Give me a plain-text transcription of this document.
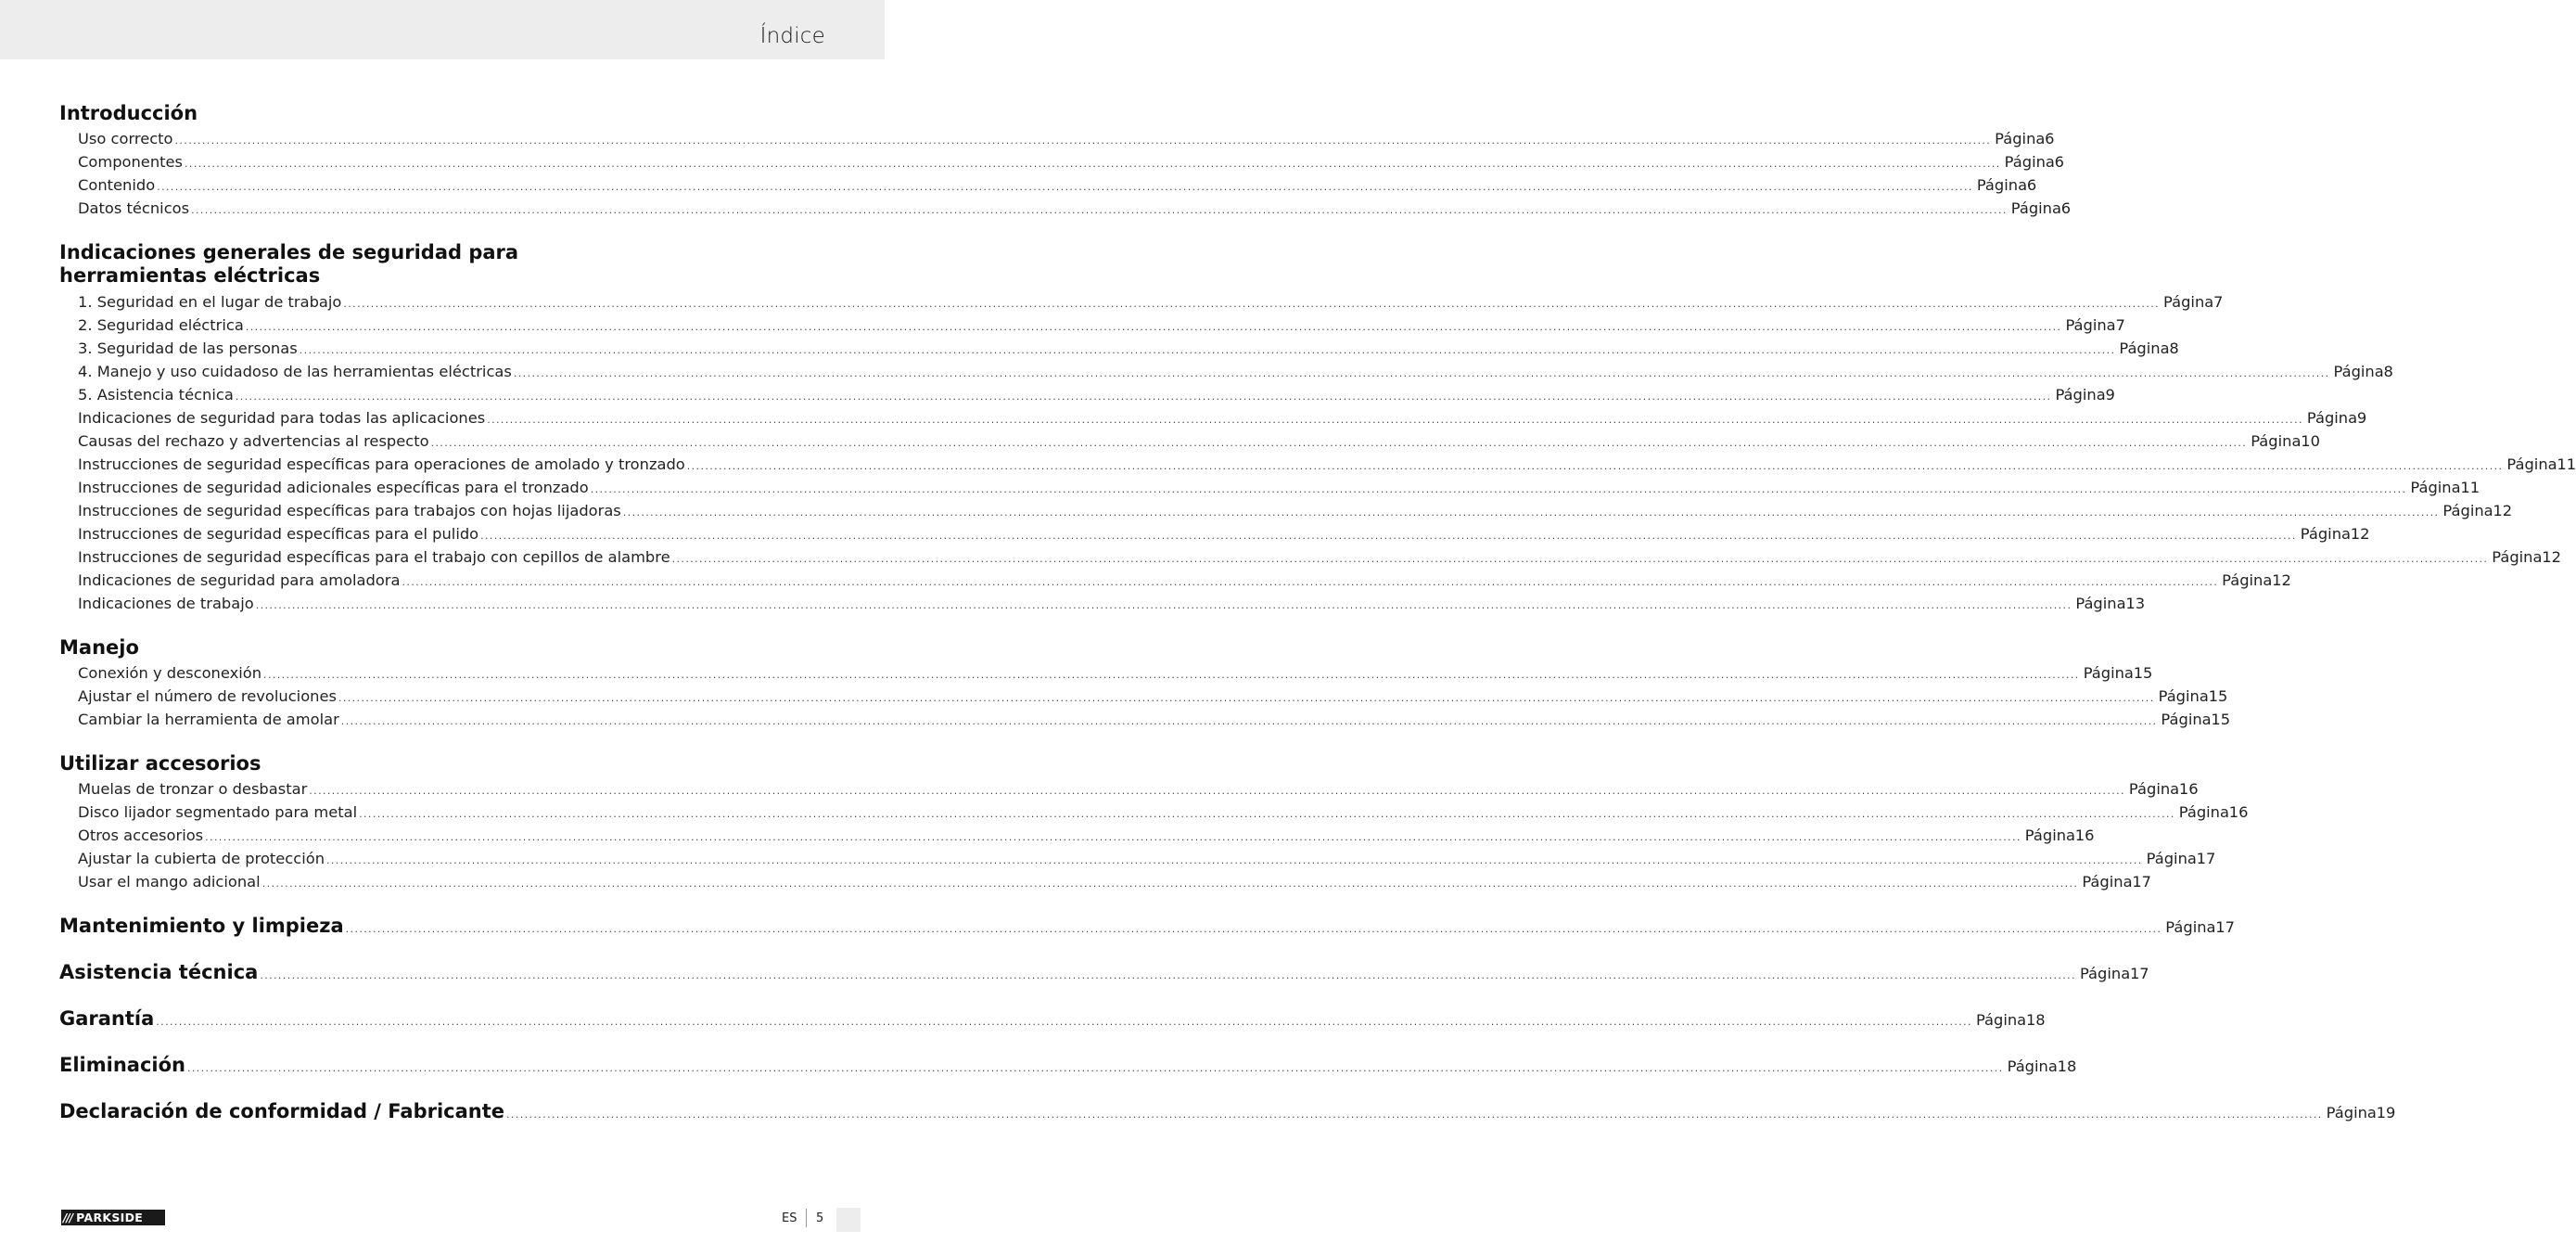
Índice
Introducción
Uso correcto ................................................................................................................................................................................................................................................................................................................................................................................................................ Página 6
Componentes ................................................................................................................................................................................................................................................................................................................................................................................................................ Página 6
Contenido ................................................................................................................................................................................................................................................................................................................................................................................................................ Página 6
Datos técnicos ................................................................................................................................................................................................................................................................................................................................................................................................................ Página 6
Indicaciones generales de seguridad para
herramientas eléctricas
1. Seguridad en el lugar de trabajo ................................................................................................................................................................................................................................................................................................................................................................................................................ Página 7
2. Seguridad eléctrica ................................................................................................................................................................................................................................................................................................................................................................................................................ Página 7
3. Seguridad de las personas ................................................................................................................................................................................................................................................................................................................................................................................................................ Página 8
4. Manejo y uso cuidadoso de las herramientas eléctricas ................................................................................................................................................................................................................................................................................................................................................................................................................ Página 8
5. Asistencia técnica ................................................................................................................................................................................................................................................................................................................................................................................................................ Página 9
Indicaciones de seguridad para todas las aplicaciones ................................................................................................................................................................................................................................................................................................................................................................................................................ Página 9
Causas del rechazo y advertencias al respecto ................................................................................................................................................................................................................................................................................................................................................................................................................ Página 10
Instrucciones de seguridad específicas para operaciones de amolado y tronzado ................................................................................................................................................................................................................................................................................................................................................................................................................ Página 11
Instrucciones de seguridad adicionales específicas para el tronzado ................................................................................................................................................................................................................................................................................................................................................................................................................ Página 11
Instrucciones de seguridad específicas para trabajos con hojas lijadoras ................................................................................................................................................................................................................................................................................................................................................................................................................ Página 12
Instrucciones de seguridad específicas para el pulido ................................................................................................................................................................................................................................................................................................................................................................................................................ Página 12
Instrucciones de seguridad específicas para el trabajo con cepillos de alambre ................................................................................................................................................................................................................................................................................................................................................................................................................ Página 12
Indicaciones de seguridad para amoladora ................................................................................................................................................................................................................................................................................................................................................................................................................ Página 12
Indicaciones de trabajo ................................................................................................................................................................................................................................................................................................................................................................................................................ Página 13
Manejo
Conexión y desconexión ................................................................................................................................................................................................................................................................................................................................................................................................................ Página 15
Ajustar el número de revoluciones ................................................................................................................................................................................................................................................................................................................................................................................................................ Página 15
Cambiar la herramienta de amolar ................................................................................................................................................................................................................................................................................................................................................................................................................ Página 15
Utilizar accesorios
Muelas de tronzar o desbastar ................................................................................................................................................................................................................................................................................................................................................................................................................ Página 16
Disco lijador segmentado para metal ................................................................................................................................................................................................................................................................................................................................................................................................................ Página 16
Otros accesorios ................................................................................................................................................................................................................................................................................................................................................................................................................ Página 16
Ajustar la cubierta de protección ................................................................................................................................................................................................................................................................................................................................................................................................................ Página 17
Usar el mango adicional ................................................................................................................................................................................................................................................................................................................................................................................................................ Página 17
Mantenimiento y limpieza ................................................................................................................................................................................................................................................................................................................................................................................................................ Página 17
Asistencia técnica ................................................................................................................................................................................................................................................................................................................................................................................................................ Página 17
Garantía ................................................................................................................................................................................................................................................................................................................................................................................................................ Página 18
Eliminación ................................................................................................................................................................................................................................................................................................................................................................................................................ Página 18
Declaración de conformidad / Fabricante ................................................................................................................................................................................................................................................................................................................................................................................................................ Página 19
/// PARKSIDE	ES 5
